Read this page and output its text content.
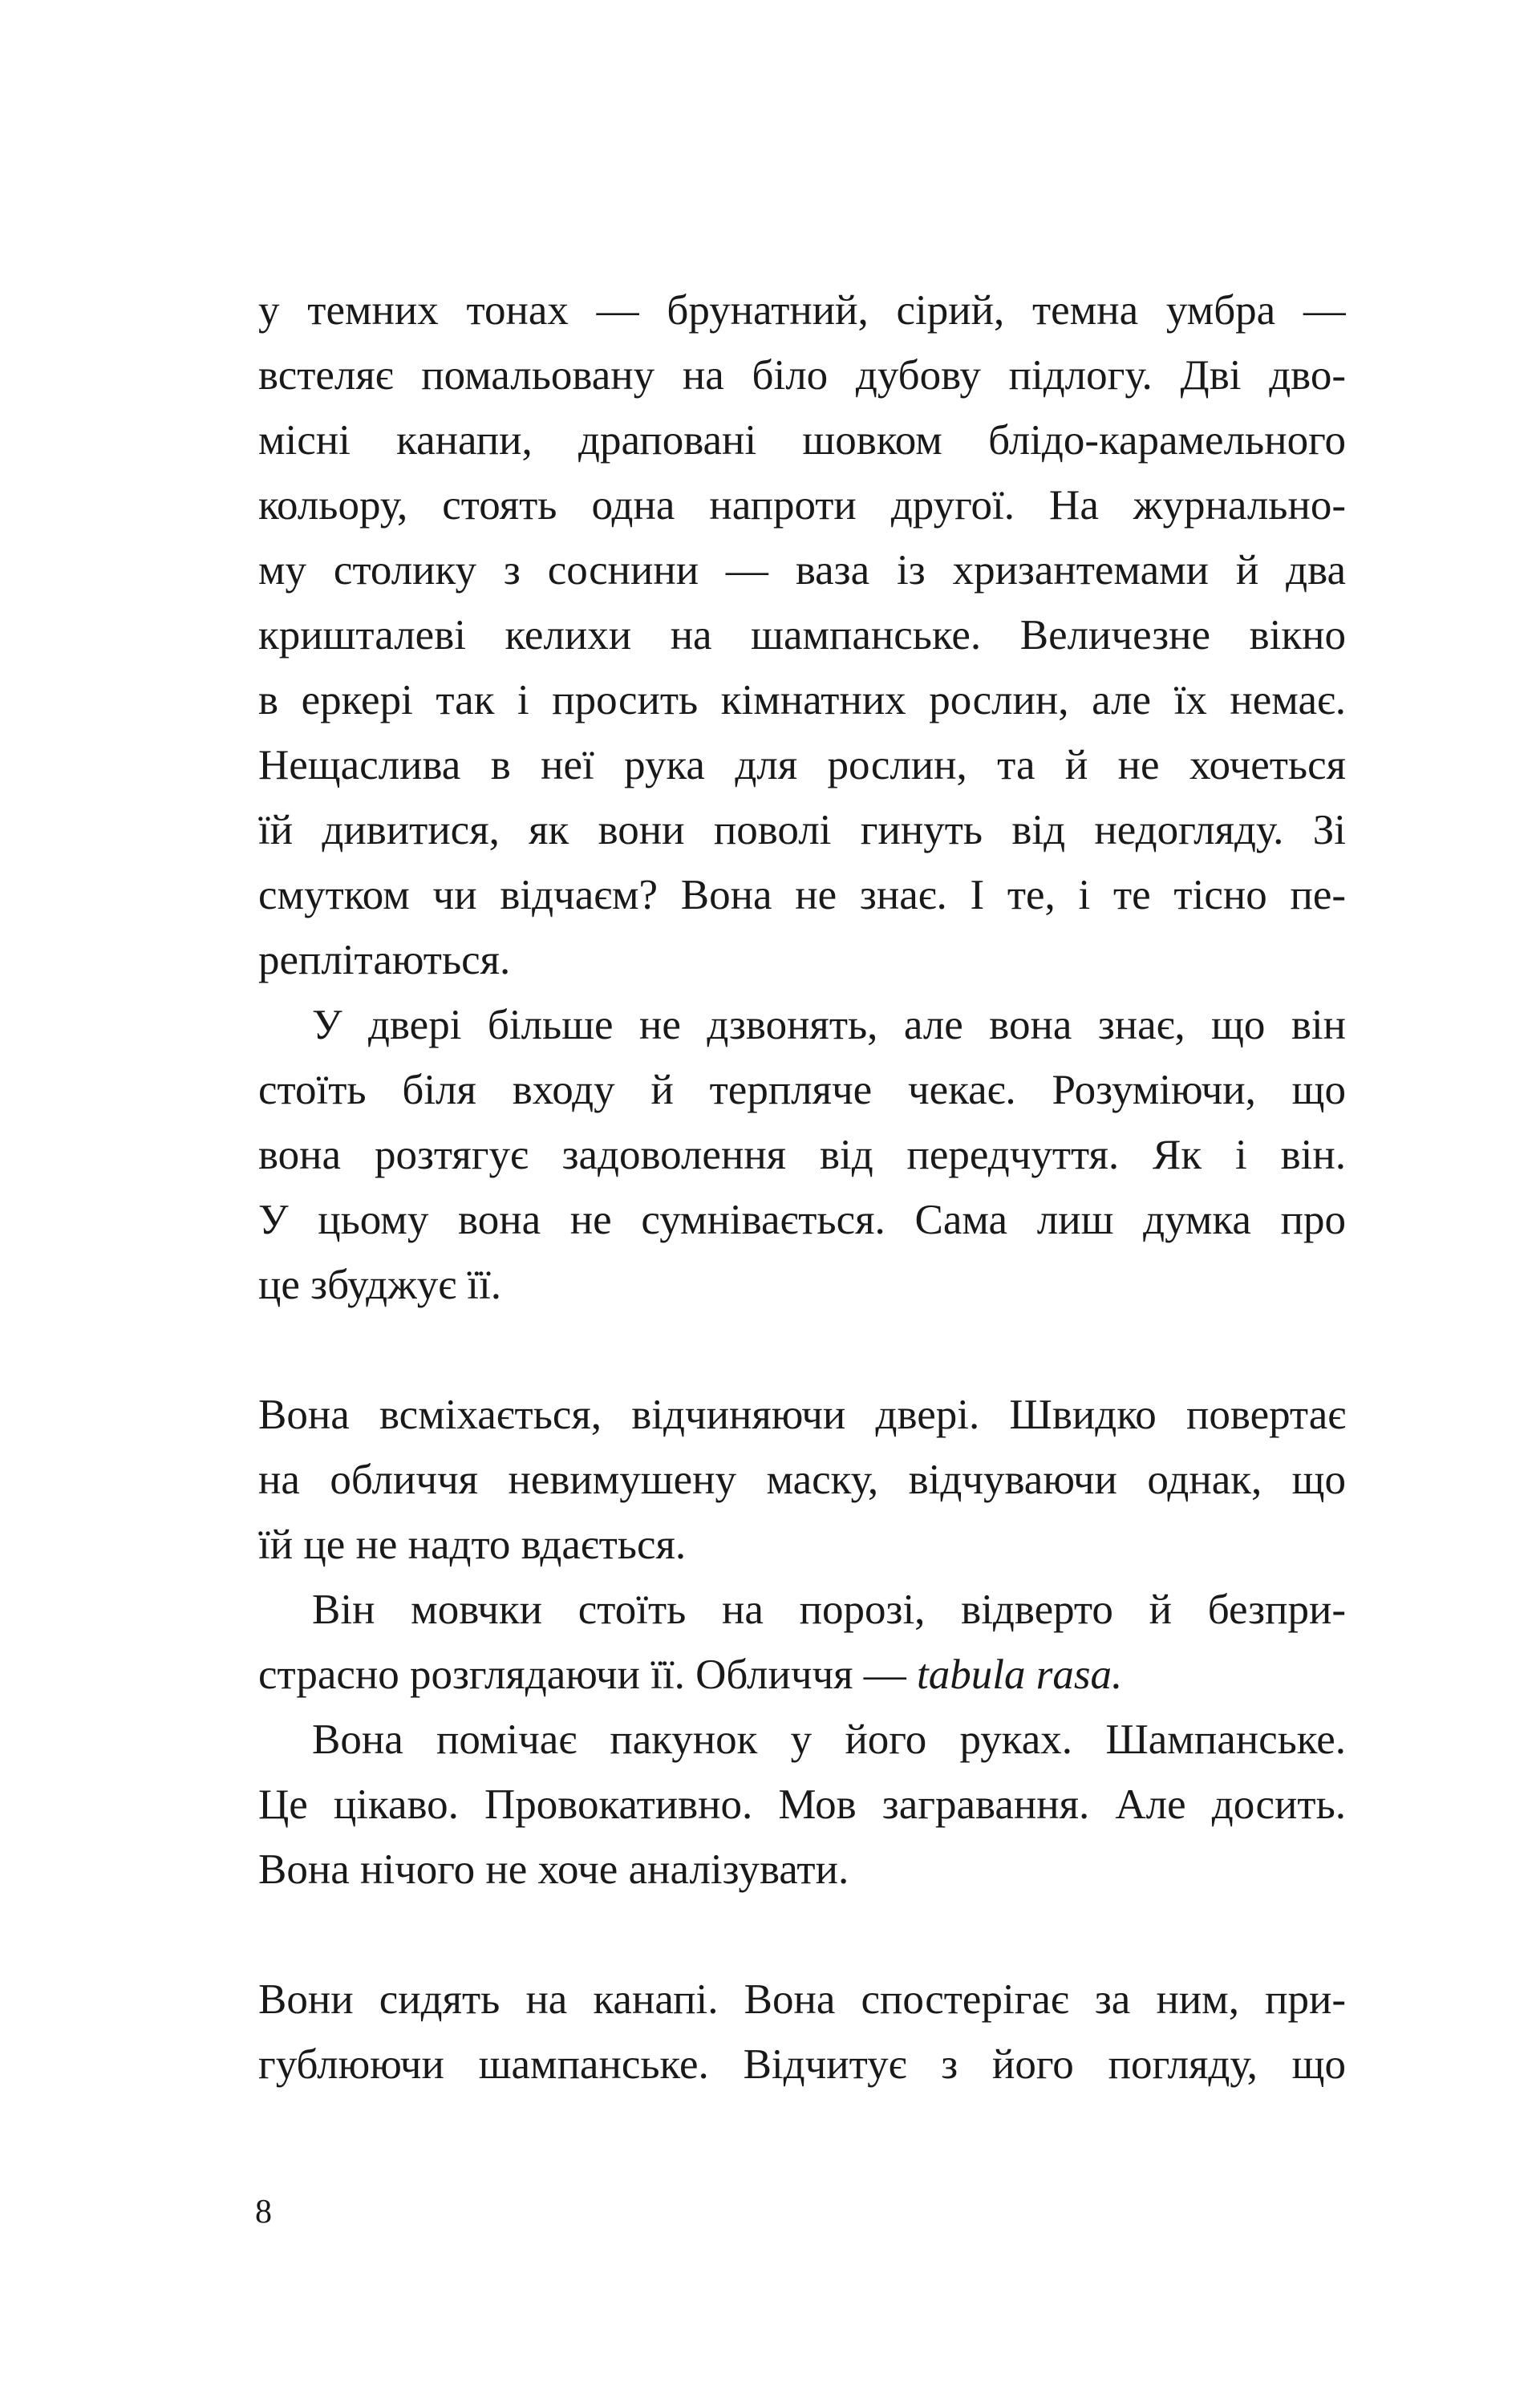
у темних тонах — брунатний, сірий, темна умбра —
встеляє помальовану на біло дубову підлогу. Дві дво-
місні канапи, драповані шовком блідо-карамельного
кольору, стоять одна напроти другої. На журнально-
му столику з соснини — ваза із хризантемами й два
кришталеві келихи на шампанське. Величезне вікно
в еркері так і просить кімнатних рослин, але їх немає.
Нещаслива в неї рука для рослин, та й не хочеться
їй дивитися, як вони поволі гинуть від недогляду. Зі
смутком чи відчаєм? Вона не знає. І те, і те тісно пе-
реплітаються.
У двері більше не дзвонять, але вона знає, що він
стоїть біля входу й терпляче чекає. Розуміючи, що
вона розтягує задоволення від передчуття. Як і він.
У цьому вона не сумнівається. Сама лиш думка про
це збуджує її.
Вона всміхається, відчиняючи двері. Швидко повертає
на обличчя невимушену маску, відчуваючи однак, що
їй це не надто вдається.
Він мовчки стоїть на порозі, відверто й безпри-
страсно розглядаючи її. Обличчя — tabula rasa.
Вона помічає пакунок у його руках. Шампанське.
Це цікаво. Провокативно. Мов загравання. Але досить.
Вона нічого не хоче аналізувати.
Вони сидять на канапі. Вона спостерігає за ним, при-
гублюючи шампанське. Відчитує з його погляду, що
8
